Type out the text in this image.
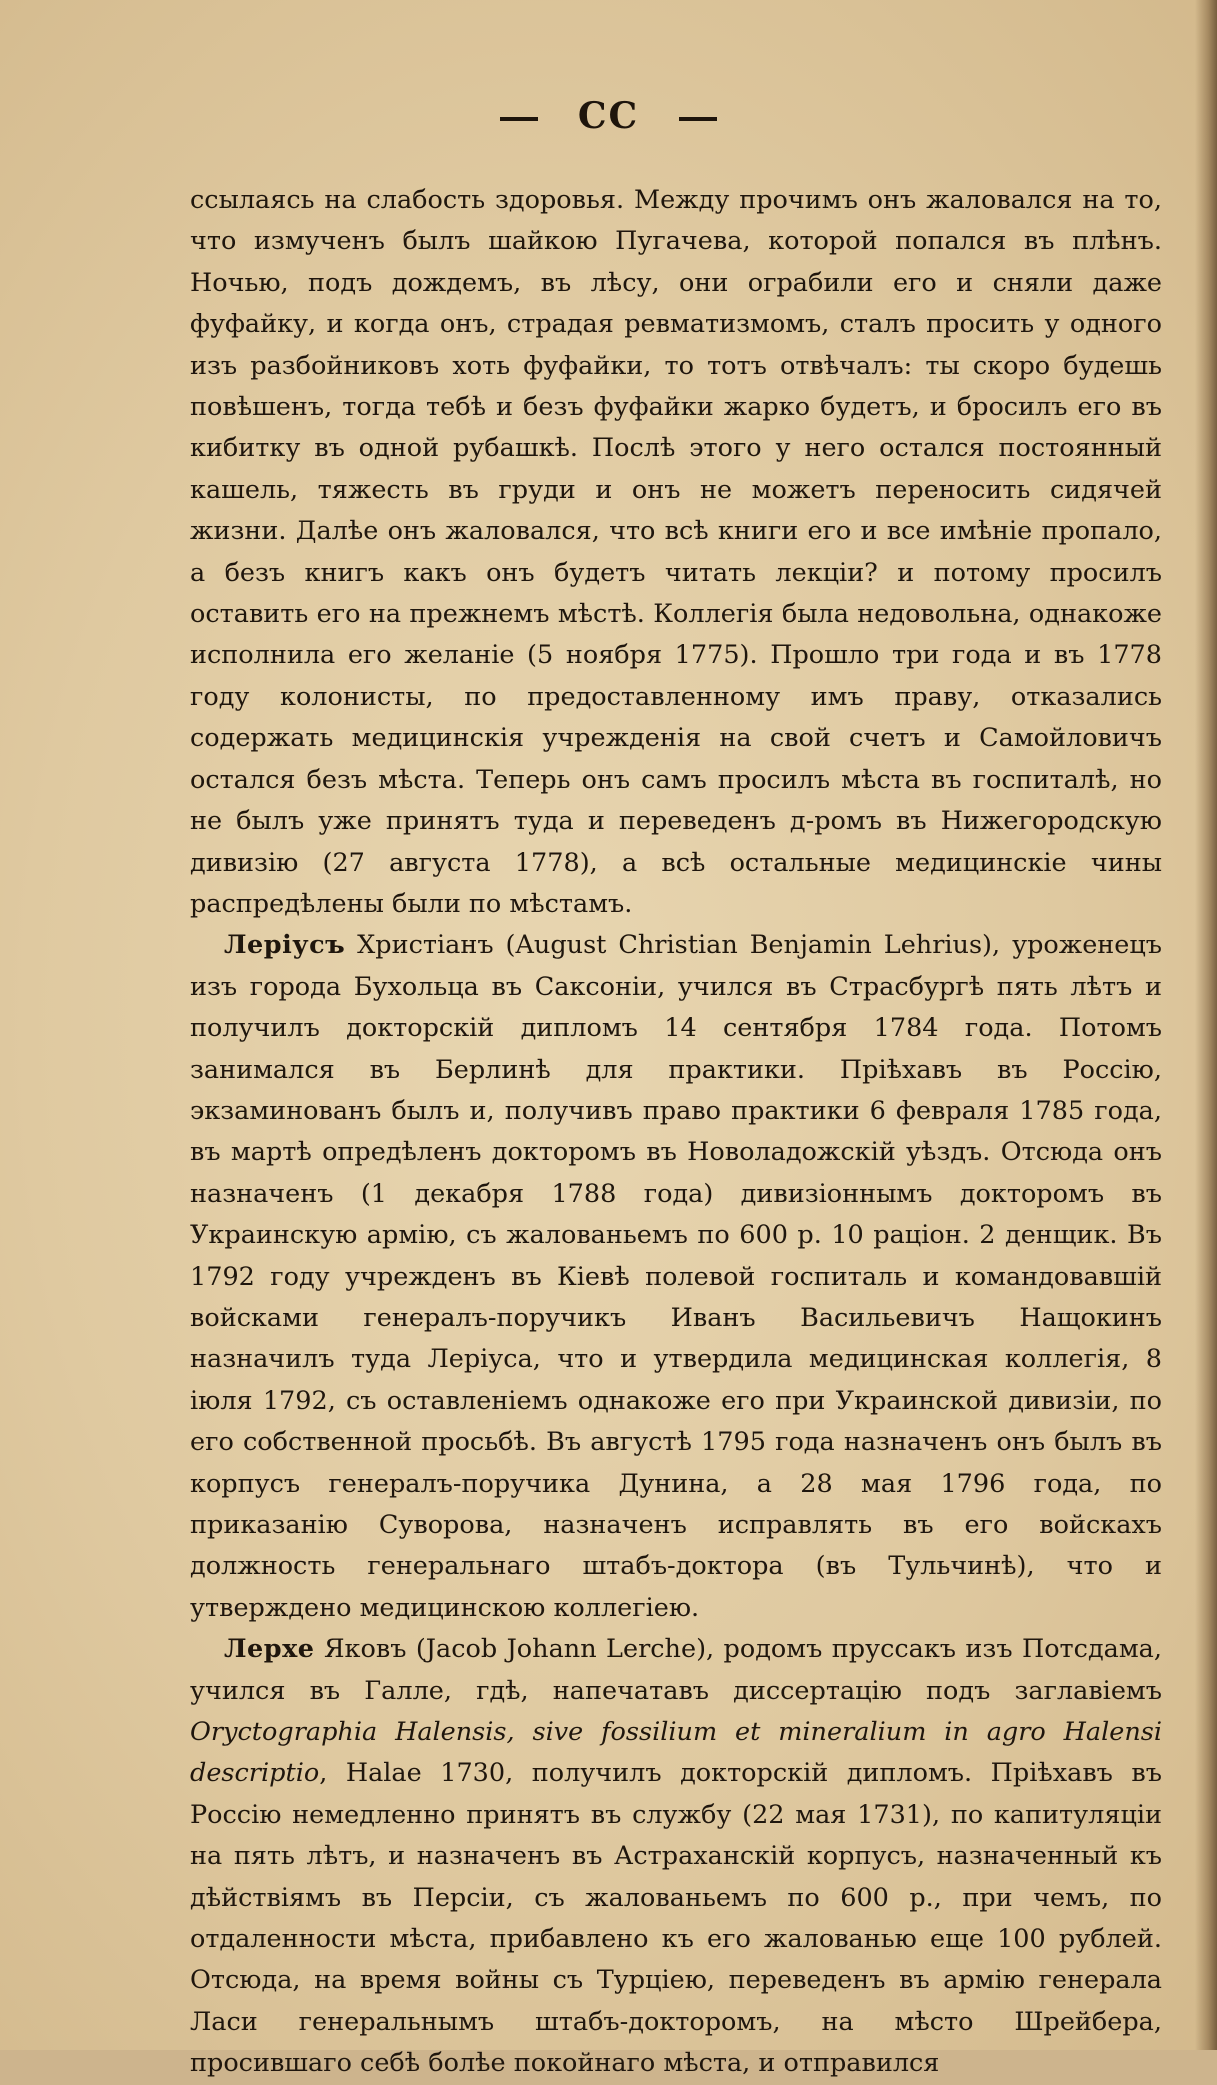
СС

ссылаясь на слабость здоровья. Между прочимъ онъ жаловался на то, что измученъ былъ шайкою Пугачева, которой попался въ плѣнъ. Ночью, подъ дождемъ, въ лѣсу, они ограбили его и сняли даже фуфайку, и когда онъ, страдая ревматизмомъ, сталъ просить у одного изъ разбойниковъ хоть фуфайки, то тотъ отвѣчалъ: ты скоро будешь повѣшенъ, тогда тебѣ и безъ фуфайки жарко будетъ, и бросилъ его въ кибитку въ одной рубашкѣ. Послѣ этого у него остался постоянный кашель, тяжесть въ груди и онъ не можетъ переносить сидячей жизни. Далѣе онъ жаловался, что всѣ книги его и все имѣніе пропало, а безъ книгъ какъ онъ будетъ читать лекціи? и потому просилъ оставить его на прежнемъ мѣстѣ. Коллегія была недовольна, однакоже исполнила его желаніе (5 ноября 1775). Прошло три года и въ 1778 году колонисты, по предоставленному имъ праву, отказались содержать медицинскія учрежденія на свой счетъ и Самойловичъ остался безъ мѣста. Теперь онъ самъ просилъ мѣста въ госпиталѣ, но не былъ уже принятъ туда и переведенъ д-ромъ въ Нижегородскую дивизію (27 августа 1778), а всѣ остальные медицинскіе чины распредѣлены были по мѣстамъ.

Леріусъ Христіанъ (August Christian Benjamin Lehrius), уроженецъ изъ города Бухольца въ Саксоніи, учился въ Страсбургѣ пять лѣтъ и получилъ докторскій дипломъ 14 сентября 1784 года. Потомъ занимался въ Берлинѣ для практики. Пріѣхавъ въ Россію, экзаминованъ былъ и, получивъ право практики 6 февраля 1785 года, въ мартѣ опредѣленъ докторомъ въ Новоладожскій уѣздъ. Отсюда онъ назначенъ (1 декабря 1788 года) дивизіоннымъ докторомъ въ Украинскую армію, съ жалованьемъ по 600 р. 10 раціон. 2 денщик. Въ 1792 году учрежденъ въ Кіевѣ полевой госпиталь и командовавшій войсками генералъ-поручикъ Иванъ Васильевичъ Нащокинъ назначилъ туда Леріуса, что и утвердила медицинская коллегія, 8 іюля 1792, съ оставленіемъ однакоже его при Украинской дивизіи, по его собственной просьбѣ. Въ августѣ 1795 года назначенъ онъ былъ въ корпусъ генералъ-поручика Дунина, а 28 мая 1796 года, по приказанію Суворова, назначенъ исправлять въ его войскахъ должность генеральнаго штабъ-доктора (въ Тульчинѣ), что и утверждено медицинскою коллегіею.

Лерхе Яковъ (Jacob Johann Lerche), родомъ пруссакъ изъ Потсдама, учился въ Галле, гдѣ, напечатавъ диссертацію подъ заглавіемъ Oryctographia Halensis, sive fossilium et mineralium in agro Halensi descriptio, Halae 1730, получилъ докторскій дипломъ. Пріѣхавъ въ Россію немедленно принятъ въ службу (22 мая 1731), по капитуляціи на пять лѣтъ, и назначенъ въ Астраханскій корпусъ, назначенный къ дѣйствіямъ въ Персіи, съ жалованьемъ по 600 р., при чемъ, по отдаленности мѣста, прибавлено къ его жалованью еще 100 рублей. Отсюда, на время войны съ Турціею, переведенъ въ армію генерала Ласи генеральнымъ штабъ-докторомъ, на мѣсто Шрейбера, просившаго себѣ болѣе покойнаго мѣста, и отправился
